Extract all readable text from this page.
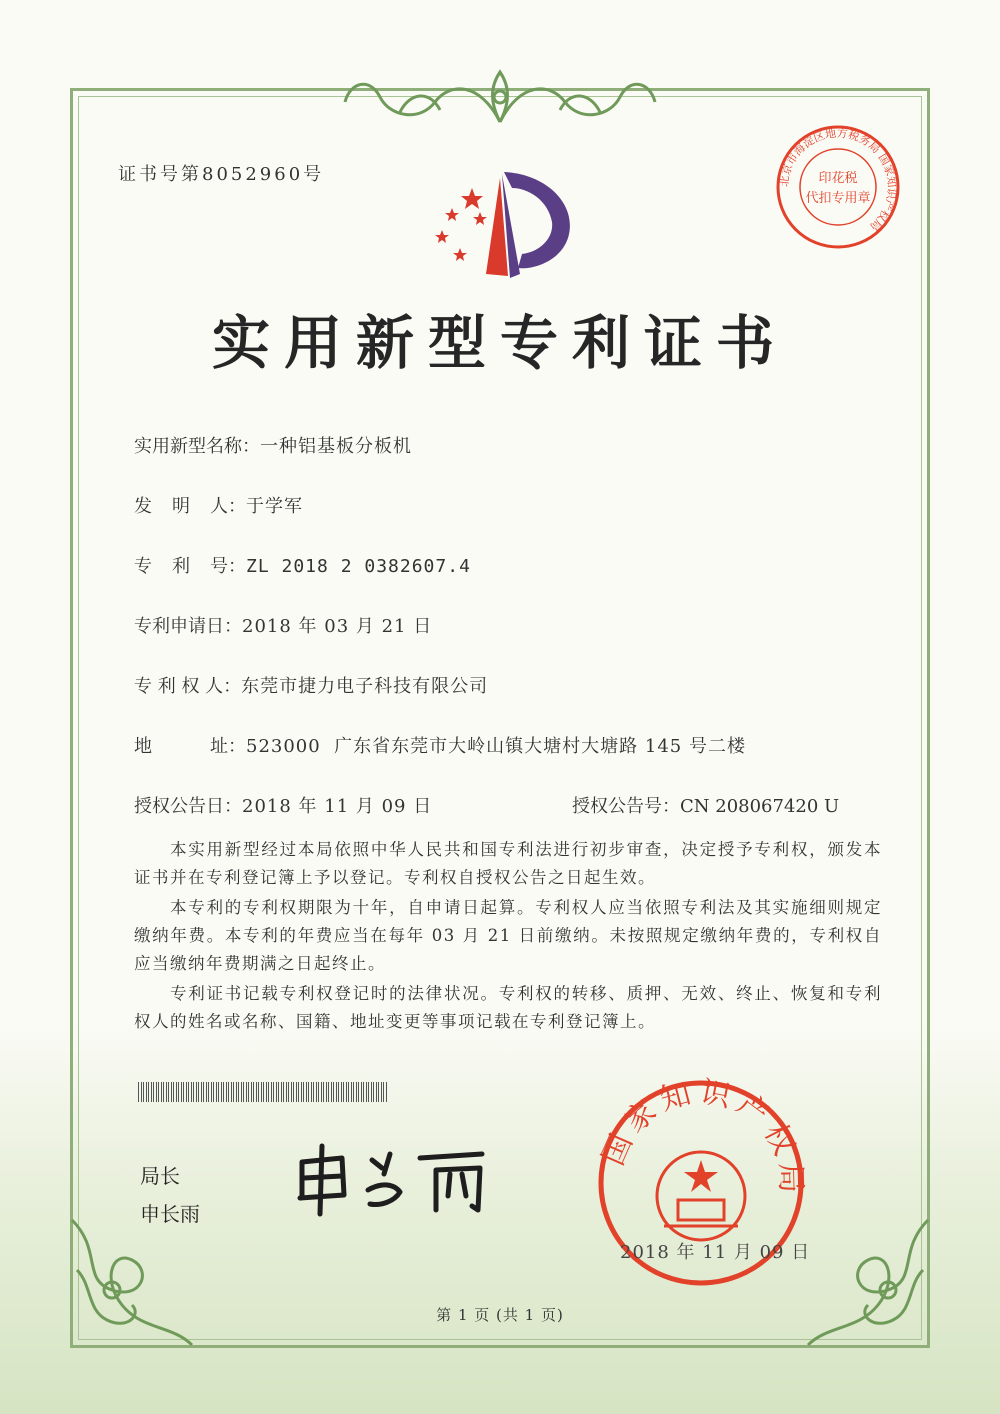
证书号第8052960号	北京市海淀区地方税务局 国家知识产权局
印花税
代扣专用章
实用新型专利证书
实用新型名称：一种铝基板分板机
发 明 人： 于学军
专 利 号： ZL 2018 2 0382607.4
专利申请日：2018 年 03 月 21 日
专 利 权 人：东莞市捷力电子科技有限公司
地	址： 523000  广东省东莞市大岭山镇大塘村大塘路 145 号二楼
授权公告日：2018 年 11 月 09 日	授权公告号：CN 208067420 U
本实用新型经过本局依照中华人民共和国专利法进行初步审查，决定授予专利权，颁发本证书并在专利登记簿上予以登记。专利权自授权公告之日起生效。
本专利的专利权期限为十年，自申请日起算。专利权人应当依照专利法及其实施细则规定缴纳年费。本专利的年费应当在每年 03 月 21 日前缴纳。未按照规定缴纳年费的，专利权自应当缴纳年费期满之日起终止。
专利证书记载专利权登记时的法律状况。专利权的转移、质押、无效、终止、恢复和专利权人的姓名或名称、国籍、地址变更等事项记载在专利登记簿上。
局长
申长雨
国家知识产权局
2018 年 11 月 09 日
第 1 页 (共 1 页)
